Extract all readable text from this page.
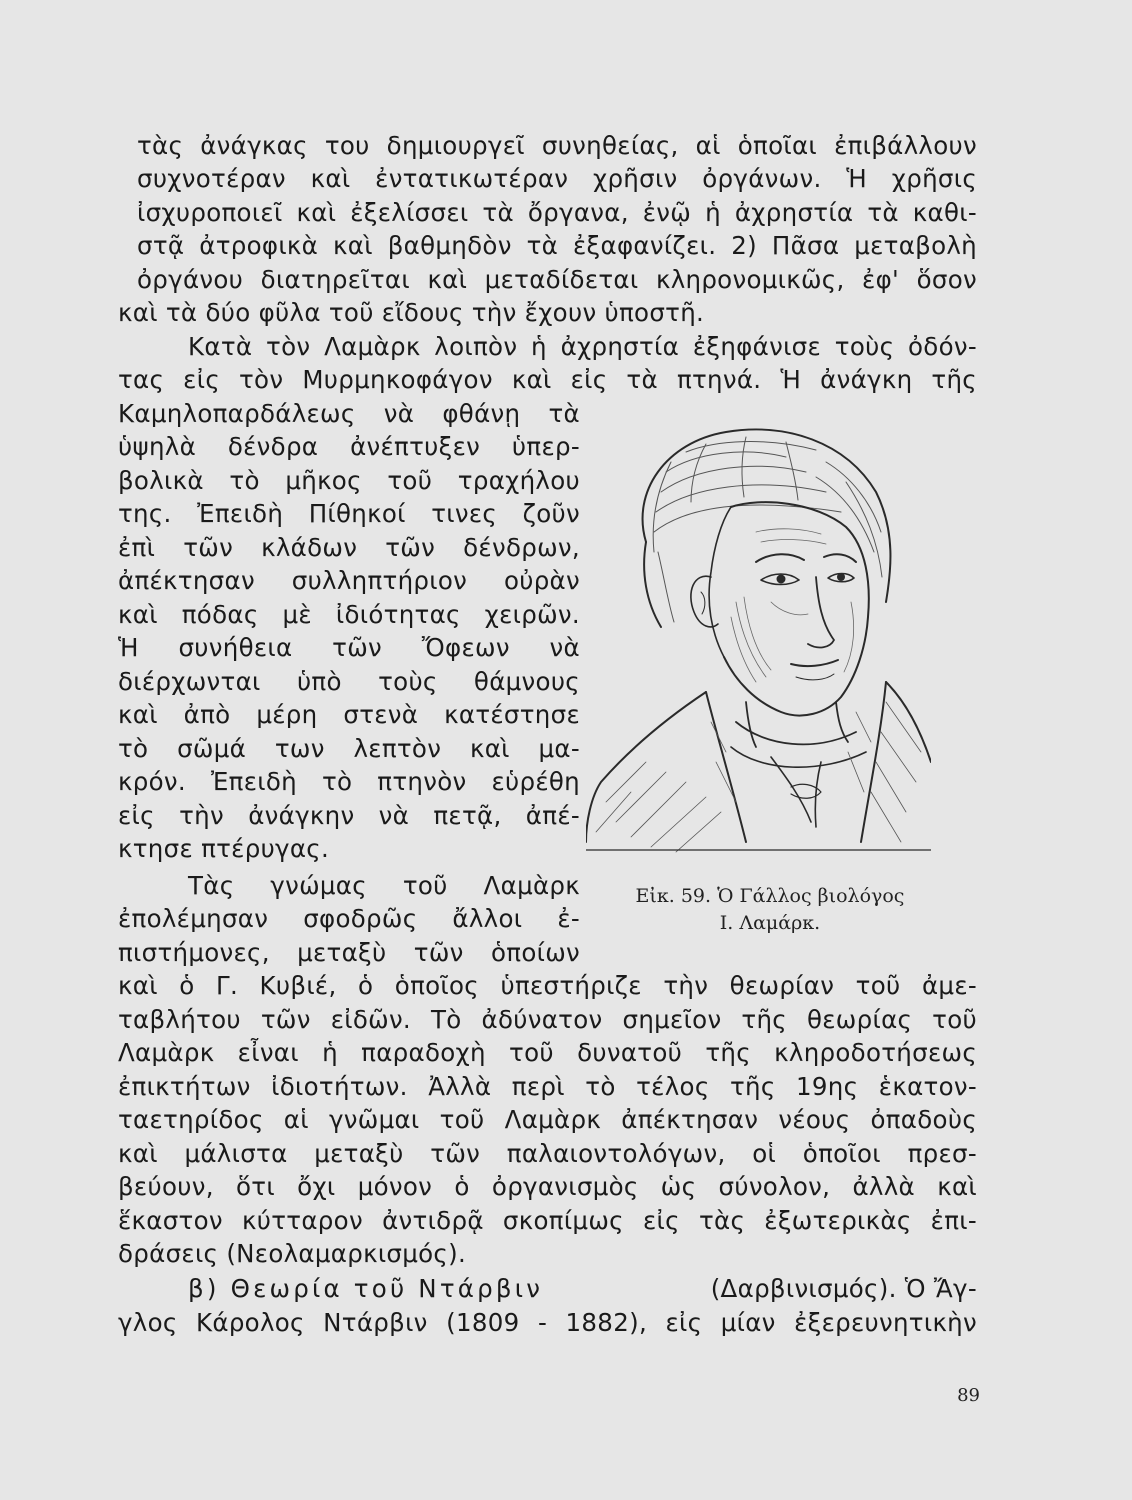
τὰς ἀνάγκας του δημιουργεῖ συνηθείας, αἱ ὁποῖαι ἐπιβάλλουν
συχνοτέραν καὶ ἐντατικωτέραν χρῆσιν ὀργάνων. Ἡ χρῆσις
ἰσχυροποιεῖ καὶ ἐξελίσσει τὰ ὄργανα, ἐνῷ ἡ ἀχρηστία τὰ καθι-
στᾷ ἀτροφικὰ καὶ βαθμηδὸν τὰ ἐξαφανίζει. 2) Πᾶσα μεταβολὴ
ὀργάνου διατηρεῖται καὶ μεταδίδεται κληρονομικῶς, ἐφ' ὅσον
καὶ τὰ δύο φῦλα τοῦ εἴδους τὴν ἔχουν ὑποστῆ.
Κατὰ τὸν Λαμὰρκ λοιπὸν ἡ ἀχρηστία ἐξηφάνισε τοὺς ὀδόν-
τας εἰς τὸν Μυρμηκοφάγον καὶ εἰς τὰ πτηνά. Ἡ ἀνάγκη τῆς
Καμηλοπαρδάλεως νὰ φθάνῃ τὰ
ὑψηλὰ δένδρα ἀνέπτυξεν ὑπερ-
βολικὰ τὸ μῆκος τοῦ τραχήλου
της. Ἐπειδὴ Πίθηκοί τινες ζοῦν
ἐπὶ τῶν κλάδων τῶν δένδρων,
ἀπέκτησαν συλληπτήριον οὐρὰν
καὶ πόδας μὲ ἰδιότητας χειρῶν.
Ἡ συνήθεια τῶν Ὄφεων νὰ
διέρχωνται ὑπὸ τοὺς θάμνους
καὶ ἀπὸ μέρη στενὰ κατέστησε
τὸ σῶμά των λεπτὸν καὶ μα-
κρόν. Ἐπειδὴ τὸ πτηνὸν εὑρέθη
εἰς τὴν ἀνάγκην νὰ πετᾷ, ἀπέ-
κτησε πτέρυγας.
Τὰς γνώμας τοῦ Λαμὰρκ
ἐπολέμησαν σφοδρῶς ἄλλοι ἐ-
πιστήμονες, μεταξὺ τῶν ὁποίων
καὶ ὁ Γ. Κυβιέ, ὁ ὁποῖος ὑπεστήριζε τὴν θεωρίαν τοῦ ἀμε-
ταβλήτου τῶν εἰδῶν. Τὸ ἀδύνατον σημεῖον τῆς θεωρίας τοῦ
Λαμὰρκ εἶναι ἡ παραδοχὴ τοῦ δυνατοῦ τῆς κληροδοτήσεως
ἐπικτήτων ἰδιοτήτων. Ἀλλὰ περὶ τὸ τέλος τῆς 19ης ἑκατον-
ταετηρίδος αἱ γνῶμαι τοῦ Λαμὰρκ ἀπέκτησαν νέους ὀπαδοὺς
καὶ μάλιστα μεταξὺ τῶν παλαιοντολόγων, οἱ ὁποῖοι πρεσ-
βεύουν, ὅτι ὄχι μόνον ὁ ὀργανισμὸς ὡς σύνολον, ἀλλὰ καὶ
ἕκαστον κύτταρον ἀντιδρᾷ σκοπίμως εἰς τὰς ἐξωτερικὰς ἐπι-
δράσεις (Νεολαμαρκισμός).
β) Θεωρία τοῦ Ντάρβιν	(Δαρβινισμός). Ὁ Ἄγ-
γλος Κάρολος Ντάρβιν (1809 - 1882), εἰς μίαν ἐξερευνητικὴν
Εἰκ. 59. Ὁ Γάλλος βιολόγος
Ι. Λαμάρκ.
89
